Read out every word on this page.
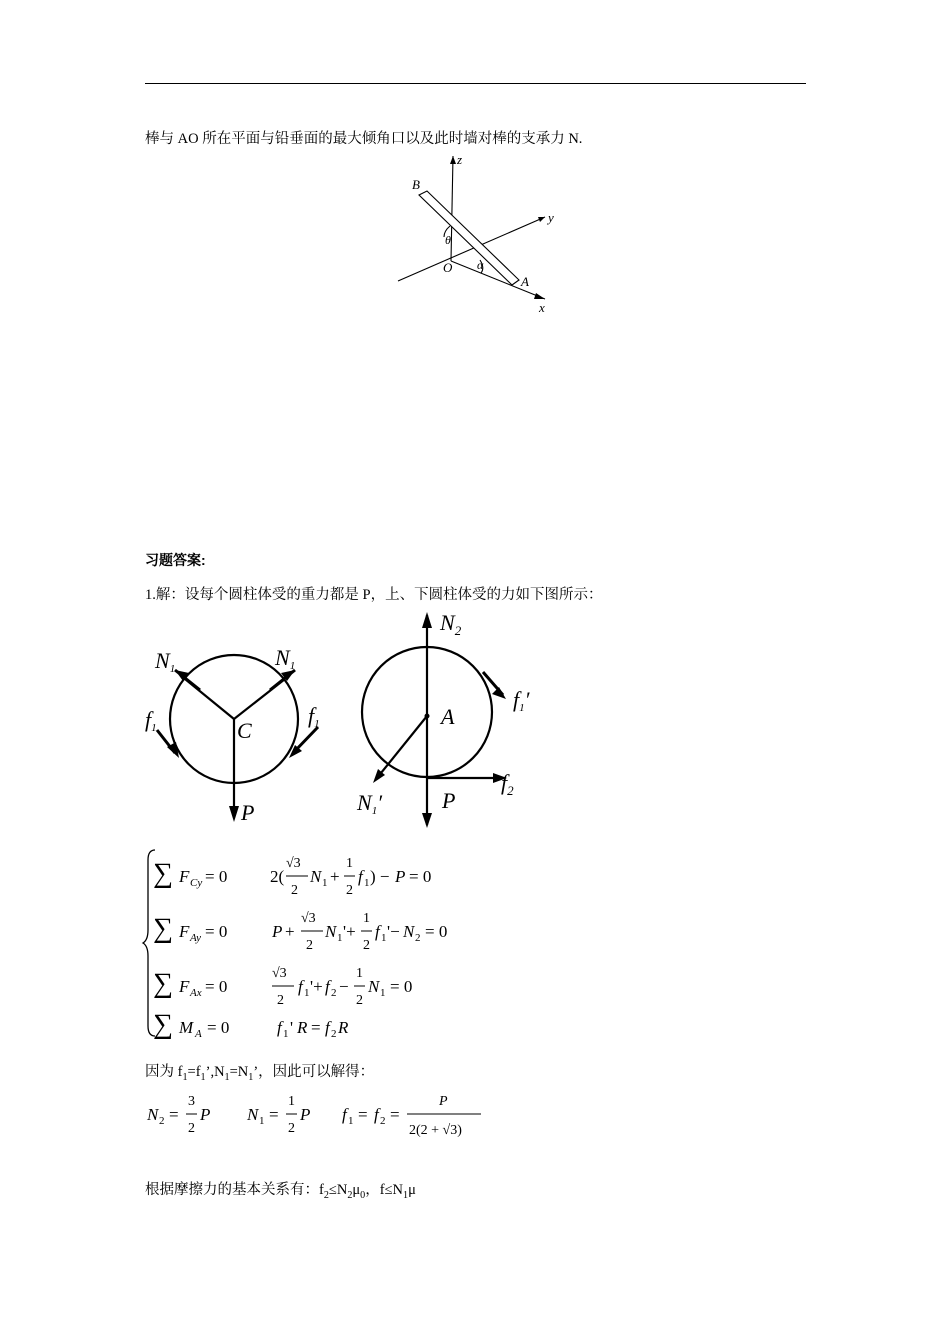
棒与 AO 所在平面与铅垂面的最大倾角口以及此时墙对棒的支承力 N.
z
y
x
B
O
A
θ
α
习题答案:
1.解：设每个圆柱体受的重力都是 P，上、下圆柱体受的力如下图所示：
N1	N1
f1	f1
C
P
$N_2$
f1′
A
$f_2$
N1′	P
∑ F Cy = 0	2(
√3
2
N 1 +
1
2
f 1 ) − P = 0
∑ F Ay = 0	P +
√3
2
N 1 '+
1
2
f 1 '− N 2 = 0
∑ F Ax = 0
√3
2
f 1 '+ f 2 −
1
2
N 1 = 0
∑ M A = 0	f 1 ' R = f 2 R
因为 $f_1=f_1’,N_1=N_1$’，因此可以解得：
N 2 =
3
2
P N 1 =
1
2
P f 1 = f 2 =
P
2(2 + √3)
根据摩擦力的基本关系有：$f_2\le N_2\mu_0$，$f\le N_1\mu$
